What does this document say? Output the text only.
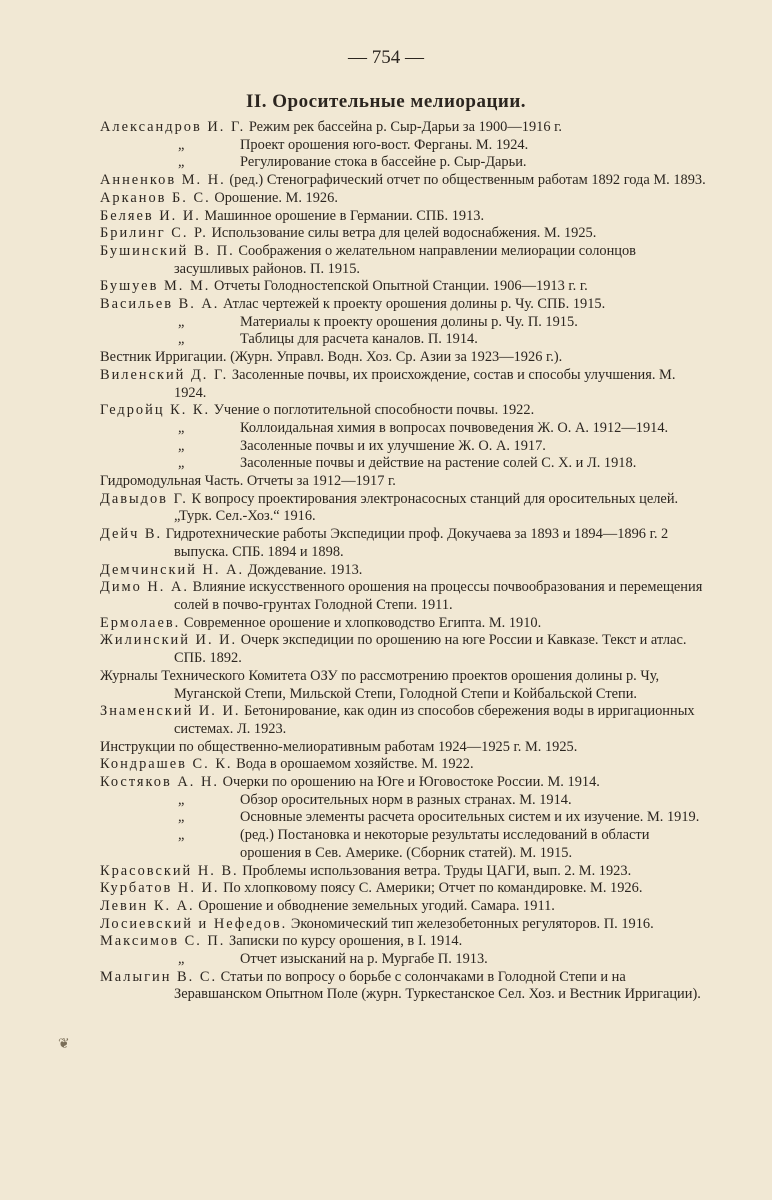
— 754 —
II. Оросительные мелиорации.
Александров И. Г. Режим рек бассейна р. Сыр-Дарьи за 1900—1916 г.
„	Проект орошения юго-вост. Ферганы. М. 1924.
„	Регулирование стока в бассейне р. Сыр-Дарьи.
Анненков М. Н. (ред.) Стенографический отчет по общественным работам 1892 года М. 1893.
Арканов Б. С. Орошение. М. 1926.
Беляев И. И. Машинное орошение в Германии. СПБ. 1913.
Брилинг С. Р. Использование силы ветра для целей водоснабжения. М. 1925.
Бушинский В. П. Соображения о желательном направлении мелиорации солонцов засушливых районов. П. 1915.
Бушуев М. М. Отчеты Голодностепской Опытной Станции. 1906—1913 г. г.
Васильев В. А. Атлас чертежей к проекту орошения долины р. Чу. СПБ. 1915.
„	Материалы к проекту орошения долины р. Чу. П. 1915.
„	Таблицы для расчета каналов. П. 1914.
Вестник Ирригации. (Журн. Управл. Водн. Хоз. Ср. Азии за 1923—1926 г.).
Виленский Д. Г. Засоленные почвы, их происхождение, состав и способы улучшения. М. 1924.
Гедройц К. К. Учение о поглотительной способности почвы. 1922.
„	Коллоидальная химия в вопросах почвоведения Ж. О. А. 1912—1914.
„	Засоленные почвы и их улучшение Ж. О. А. 1917.
„	Засоленные почвы и действие на растение солей С. Х. и Л. 1918.
Гидромодульная Часть. Отчеты за 1912—1917 г.
Давыдов Г. К вопросу проектирования электронасосных станций для оросительных целей. „Турк. Сел.-Хоз.“ 1916.
Дейч В. Гидротехнические работы Экспедиции проф. Докучаева за 1893 и 1894—1896 г. 2 выпуска. СПБ. 1894 и 1898.
Демчинский Н. А. Дождевание. 1913.
Димо Н. А. Влияние искусственного орошения на процессы почвообразования и перемещения солей в почво-грунтах Голодной Степи. 1911.
Ермолаев. Современное орошение и хлопководство Египта. М. 1910.
Жилинский И. И. Очерк экспедиции по орошению на юге России и Кавказе. Текст и атлас. СПБ. 1892.
Журналы Технического Комитета ОЗУ по рассмотрению проектов орошения долины р. Чу, Муганской Степи, Мильской Степи, Голодной Степи и Койбальской Степи.
Знаменский И. И. Бетонирование, как один из способов сбережения воды в ирригационных системах. Л. 1923.
Инструкции по общественно-мелиоративным работам 1924—1925 г. М. 1925.
Кондрашев С. К. Вода в орошаемом хозяйстве. М. 1922.
Костяков А. Н. Очерки по орошению на Юге и Юговостоке России. М. 1914.
„	Обзор оросительных норм в разных странах. М. 1914.
„	Основные элементы расчета оросительных систем и их изучение. М. 1919.
„	(ред.) Постановка и некоторые результаты исследований в области орошения в Сев. Америке. (Сборник статей). М. 1915.
Красовский Н. В. Проблемы использования ветра. Труды ЦАГИ, вып. 2. М. 1923.
Курбатов Н. И. По хлопковому поясу С. Америки; Отчет по командировке. М. 1926.
Левин К. А. Орошение и обводнение земельных угодий. Самара. 1911.
Лосиевский и Нефедов. Экономический тип железобетонных регуляторов. П. 1916.
Максимов С. П. Записки по курсу орошения, в I. 1914.
„	Отчет изысканий на р. Мургабе П. 1913.
Малыгин В. С. Статьи по вопросу о борьбе с солончаками в Голодной Степи и на Зеравшанском Опытном Поле (журн. Туркестанское Сел. Хоз. и Вестник Ирригации).
❦
